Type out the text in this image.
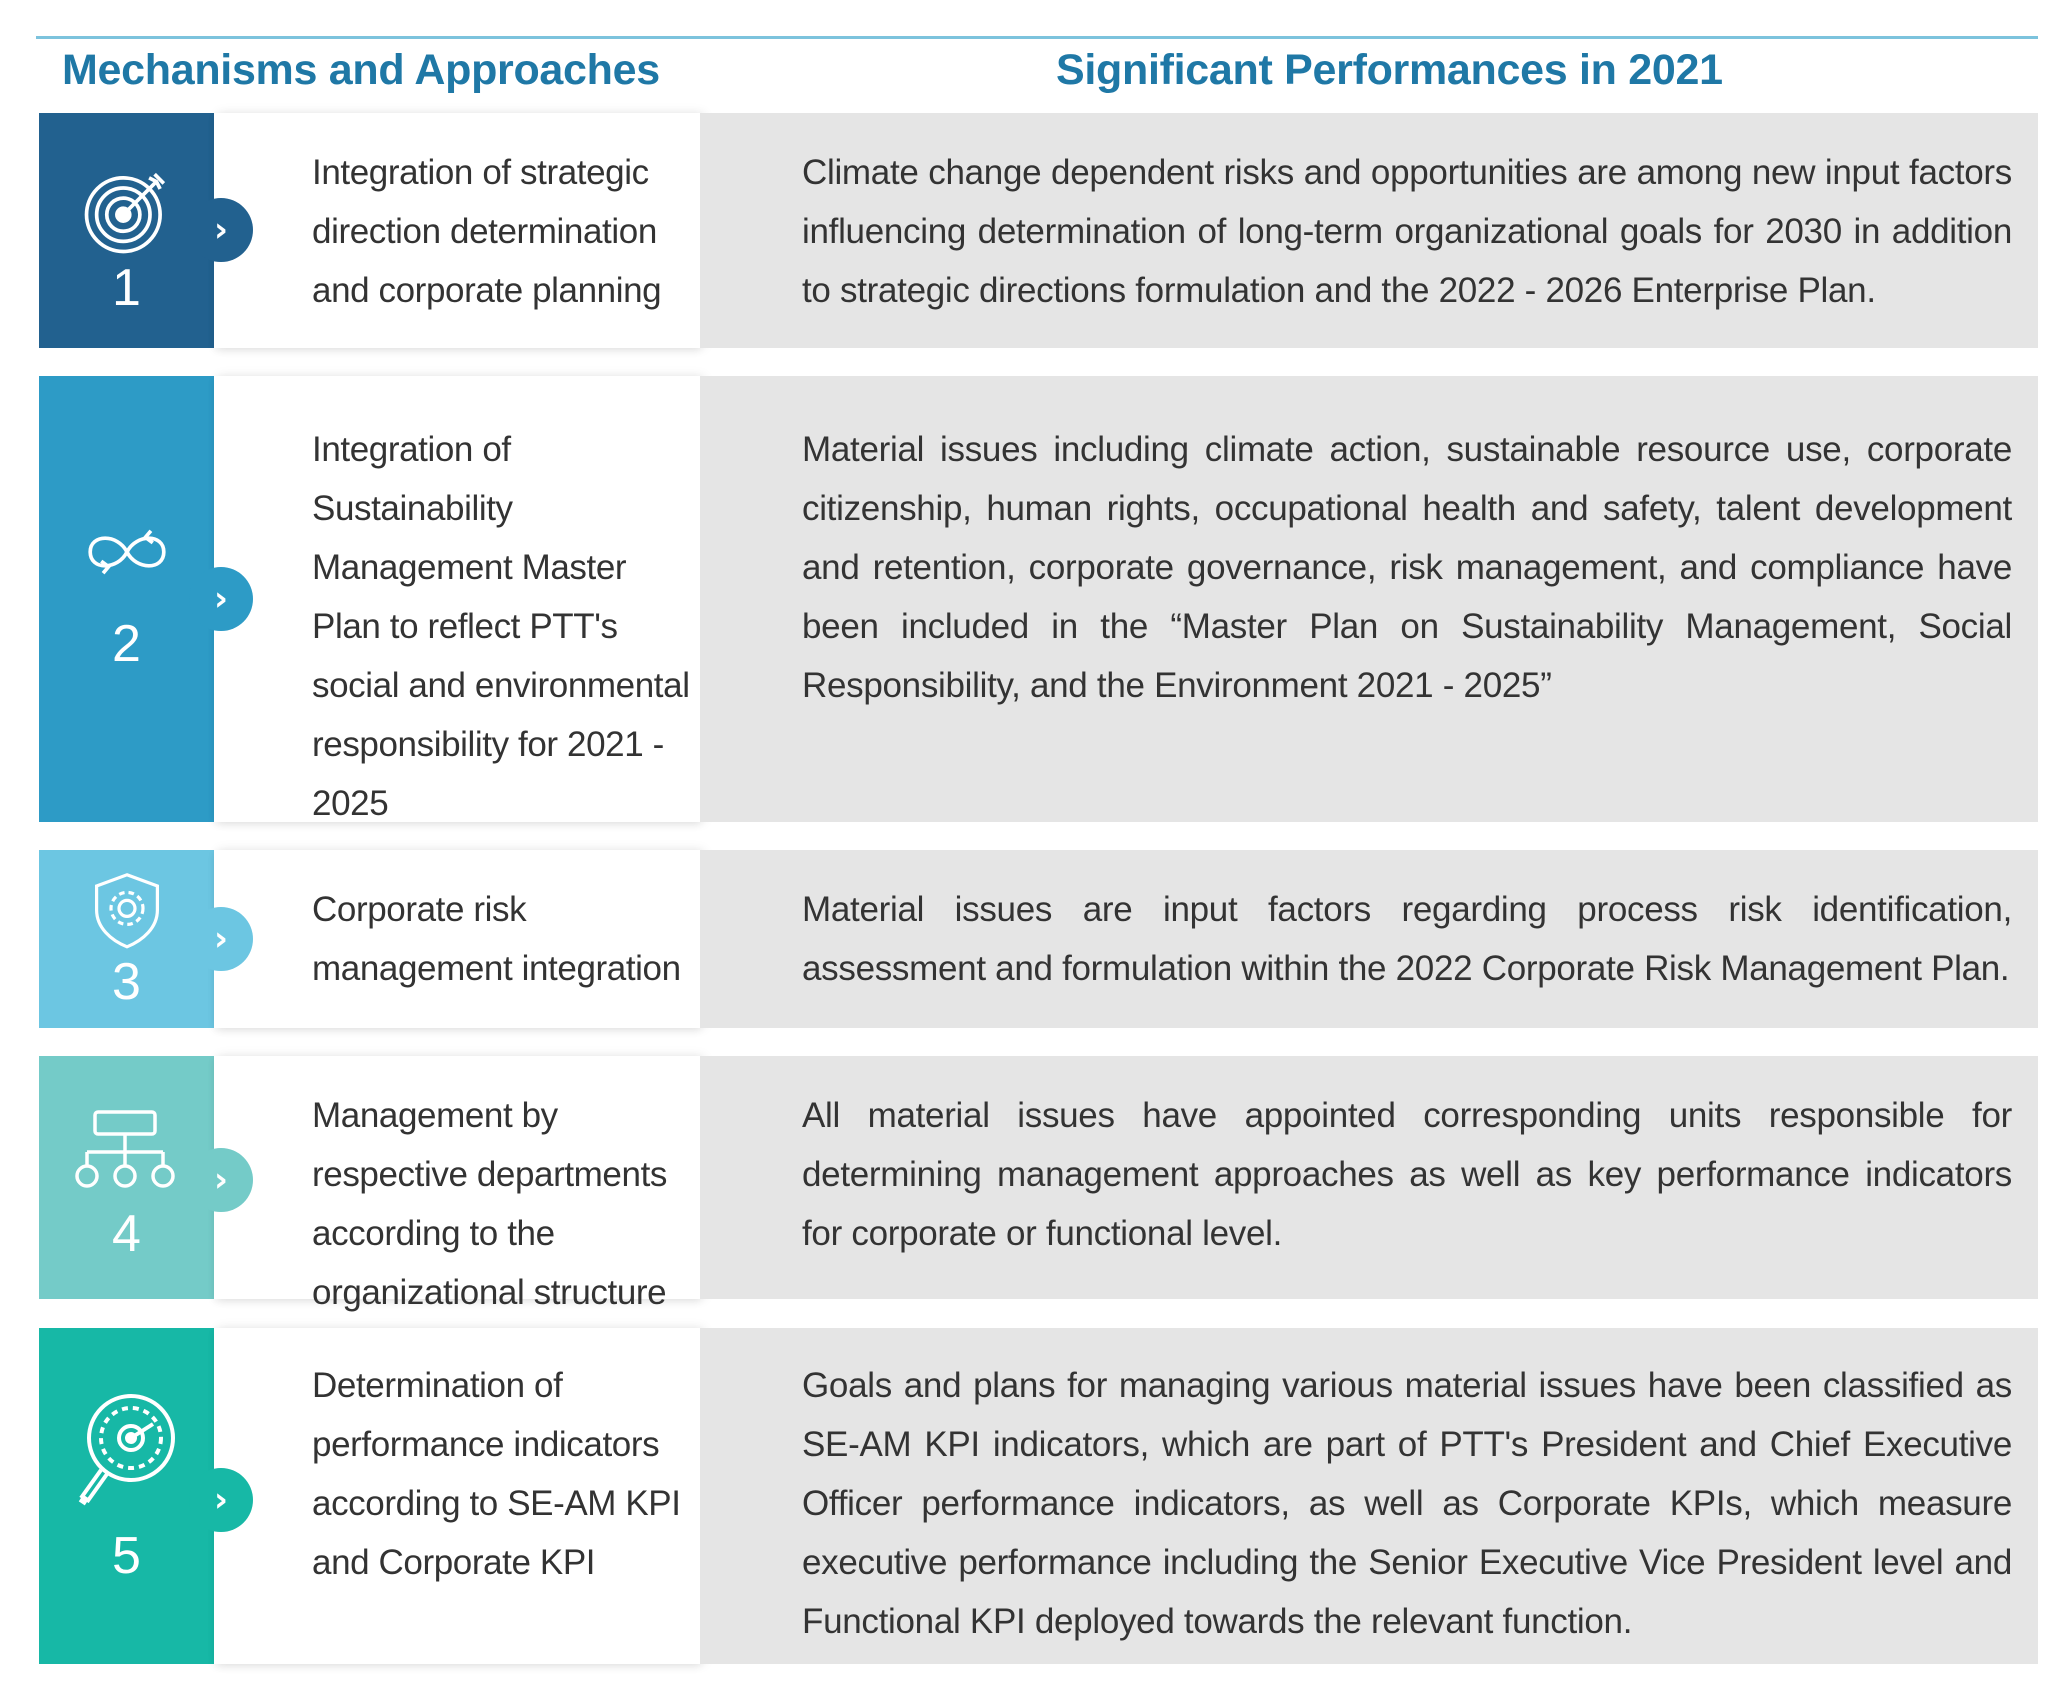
Mechanisms and Approaches	Significant Performances in 2021
1
Integration of strategic direction determination and corporate planning
›
Climate change dependent risks and opportunities are among new input factors influencing determination of long-term organizational goals for 2030 in addition to strategic directions formulation and the 2022 - 2026 Enterprise Plan.
2
Integration of Sustainability Management Master Plan to reflect PTT's social and environmental responsibility for 2021 - 2025
›
Material issues including climate action, sustainable resource use, corporate citizenship, human rights, occupational health and safety, talent development and retention, corporate governance, risk management, and compliance have been included in the “Master Plan on Sustainability Management, Social Responsibility, and the Environment 2021 - 2025”
3
Corporate risk management integration
›
Material issues are input factors regarding process risk identification, assessment and formulation within the 2022 Corporate Risk Management Plan.
4
Management by respective departments according to the organizational structure
›
All material issues have appointed corresponding units responsible for determining management approaches as well as key performance indicators for corporate or functional level.
5
Determination of performance indicators according to SE-AM KPI and Corporate KPI
›
Goals and plans for managing various material issues have been classified as SE-AM KPI indicators, which are part of PTT's President and Chief Executive Officer performance indicators, as well as Corporate KPIs, which measure executive performance including the Senior Executive Vice President level and Functional KPI deployed towards the relevant function.
